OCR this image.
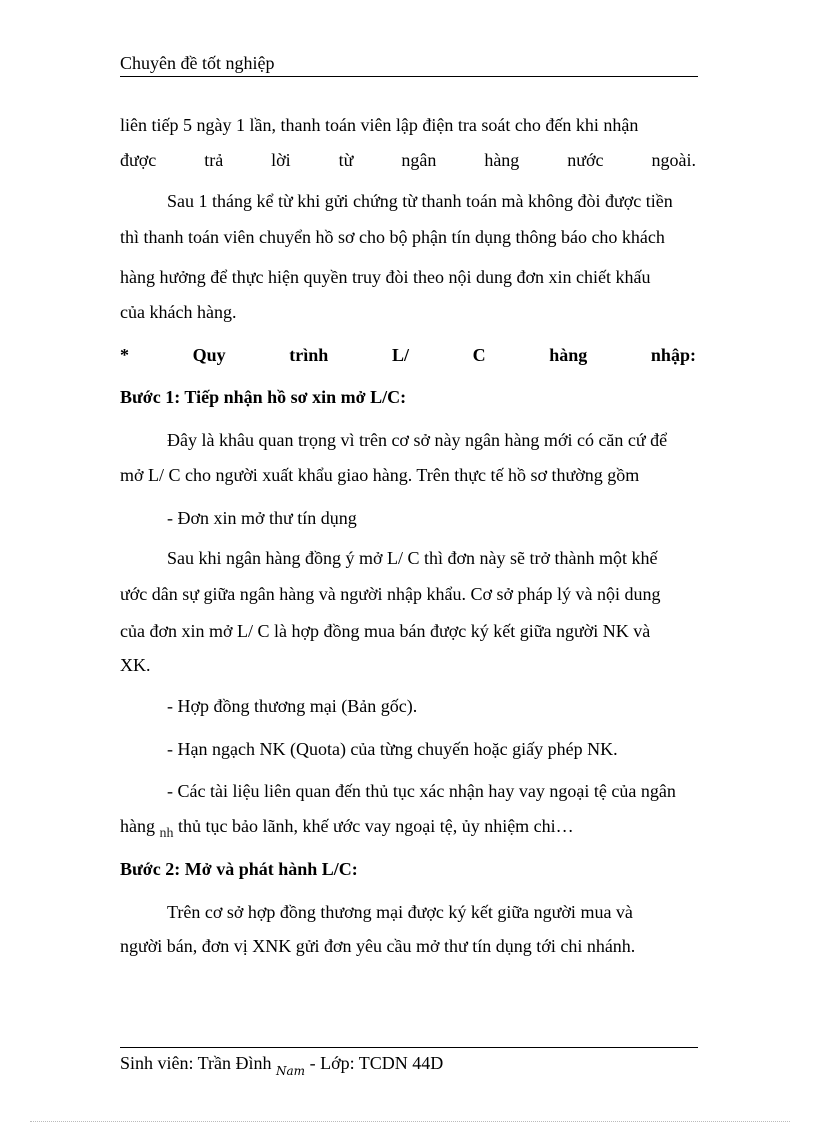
Chuyên đề tốt nghiệp
liên tiếp 5 ngày 1 lần, thanh toán viên lập điện tra soát cho đến khi nhận
được	trả	lời	từ	ngân	hàng	nước	ngoài.
Sau 1 tháng kể từ khi gửi chứng từ thanh toán mà không đòi được tiền
thì thanh toán viên chuyển hồ sơ cho bộ phận tín dụng thông báo cho khách
hàng hưởng để thực hiện quyền truy đòi theo nội dung đơn xin chiết khấu
của khách hàng.
*	Quy	trình	L/	C	hàng	nhập:
Bước 1: Tiếp nhận hồ sơ xin mở L/C:
Đây là khâu quan trọng vì trên cơ sở này ngân hàng mới có căn cứ để
mở L/ C cho người xuất khẩu giao hàng. Trên thực tế hồ sơ thường gồm
- Đơn xin mở thư tín dụng
Sau khi ngân hàng đồng ý mở L/ C thì đơn này sẽ trở thành một khế
ước dân sự giữa ngân hàng và người nhập khẩu. Cơ sở pháp lý và nội dung
của đơn xin mở L/ C là hợp đồng mua bán được ký kết giữa người NK và
XK.
- Hợp đồng thương mại (Bản gốc).
- Hạn ngạch NK (Quota) của từng chuyến hoặc giấy phép NK.
- Các tài liệu liên quan đến thủ tục xác nhận hay vay ngoại tệ của ngân
hàng $_{nh}$ thủ tục bảo lãnh, khế ước vay ngoại tệ, ủy nhiệm chi…
Bước 2: Mở và phát hành L/C:
Trên cơ sở hợp đồng thương mại được ký kết giữa người mua và
người bán, đơn vị XNK gửi đơn yêu cầu mở thư tín dụng tới chi nhánh.
Sinh viên: Trần Đình $_{Nam}$ - Lớp: TCDN 44D
